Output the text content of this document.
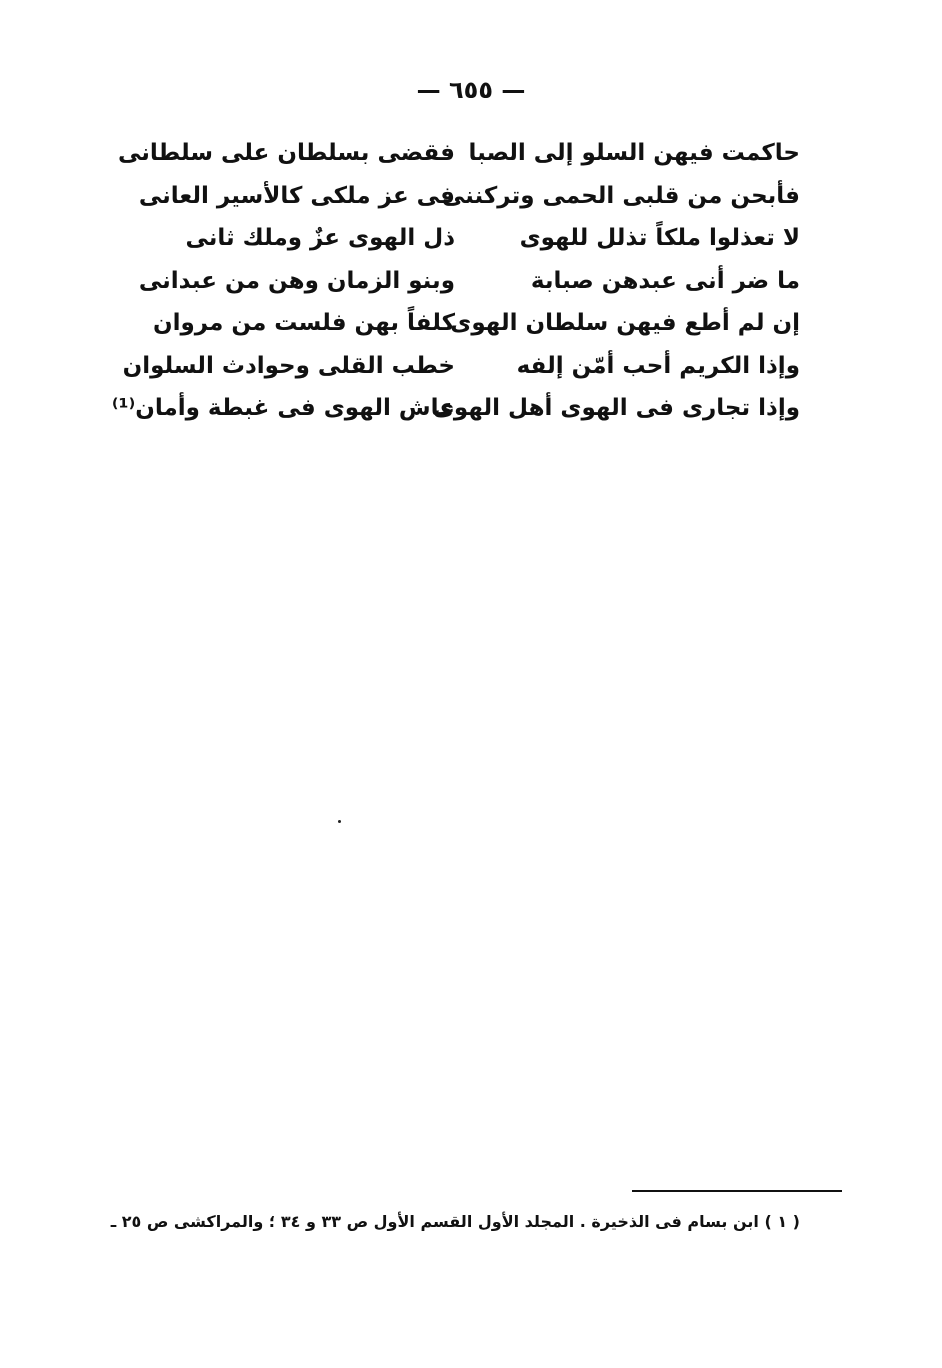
— ٦٥٥ —
حاكمت فيهن السلو إلى الصبا
فقضى بسلطان على سلطانى
فأبحن من قلبى الحمى وتركننى
فى عز ملكى كالأسير العانى
لا تعذلوا ملكاً تذلل للهوى
ذل الهوى عزٌ وملك ثانى
ما ضر أنى عبدهن صبابة
وبنو الزمان وهن من عبدانى
إن لم أطع فيهن سلطان الهوى
كلفاً بهن فلست من مروان
وإذا الكريم أحب أمّن إلفه
خطب القلى وحوادث السلوان
وإذا تجارى فى الهوى أهل الهوى
عاش الهوى فى غبطة وأمان⁽¹⁾
( ١ ) ابن بسام فى الذخيرة . المجلد الأول القسم الأول ص ٣٣ و ٣٤ ؛ والمراكشى ص ٢٥ ـ
